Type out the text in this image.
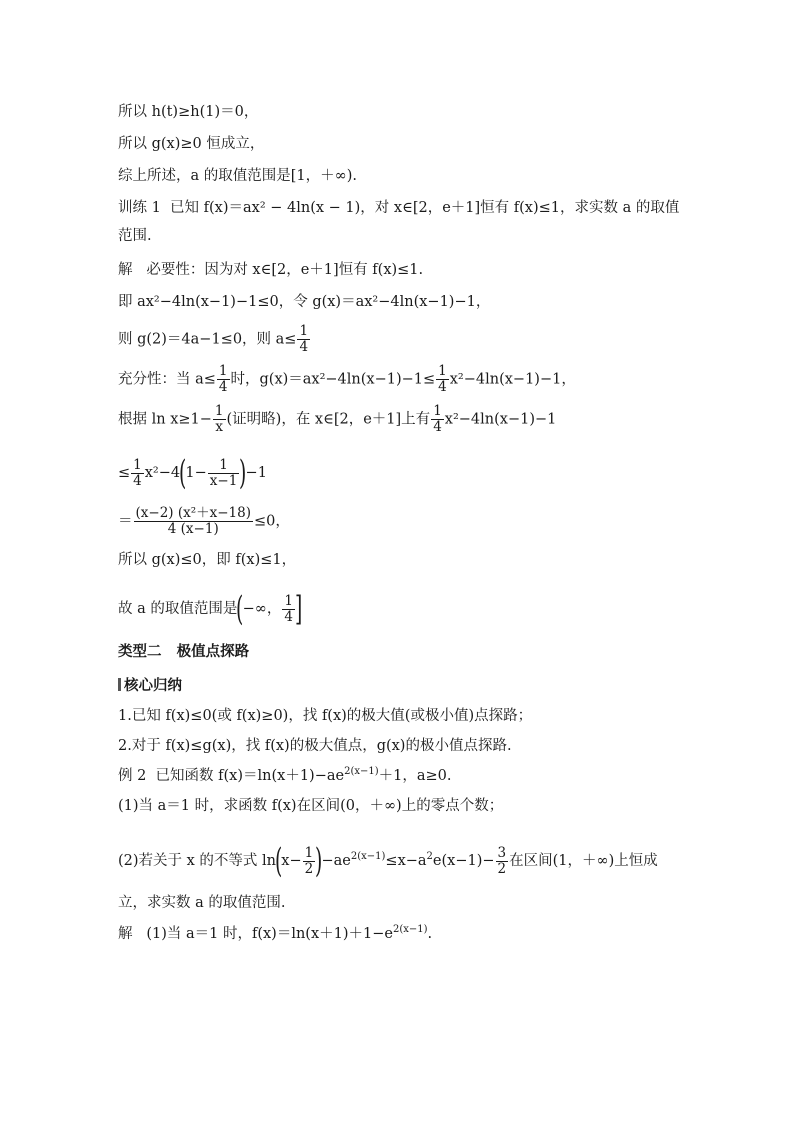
所以 h(t)≥h(1)＝0，
所以 g(x)≥0 恒成立，
综上所述，a 的取值范围是[1，＋∞).
训练 1  已知 f(x)＝ax² − 4ln(x − 1)，对 x∈[2，e＋1]恒有 f(x)≤1，求实数 a 的取值
范围.
解   必要性：因为对 x∈[2，e＋1]恒有 f(x)≤1.
即 ax²−4ln(x−1)−1≤0，令 g(x)＝ax²−4ln(x−1)−1，
则 g(2)＝4a−1≤0，则 $a\le \frac{1}{4}$
充分性：当 $a\le \frac{1}{4}$ 时，$g(x)=ax^2-4\ln(x-1)-1\le \frac{1}{4} x^2-4\ln(x-1)-1$，
根据 $\ln x\ge 1- \frac{1}{x}$ (证明略)，在 x∈[2，e＋1]上有 $\frac{1}{4} x^2-4\ln(x-1)-1$
≤ $\frac{1}{4} x^2-4(1- \frac{1}{x-1} )-1$
＝ $\frac{\text{(x−2) (x²＋x−18)}}{4 (x-1)} \le 0$，
所以 g(x)≤0，即 f(x)≤1，
故 a 的取值范围是(−∞， $\frac{1}{4}$ ]
类型二   极值点探路
核心归纳
1.已知 f(x)≤0(或 f(x)≥0)，找 f(x)的极大值(或极小值)点探路；
2.对于 f(x)≤g(x)，找 f(x)的极大值点，g(x)的极小值点探路.
例 2  已知函数 $f(x)=\ln(x+1)-ae^{2(x-1)}+1$，a≥0.
(1)当 a＝1 时，求函数 f(x)在区间(0，＋∞)上的零点个数；
(2)若关于 x 的不等式 $\ln(x- \frac{1}{2} )-ae^{2(x-1)}\le x-a^2e(x-1)- \frac{3}{2}$ 在区间(1，＋∞)上恒成
立，求实数 a 的取值范围.
解   (1)当 a＝1 时，$f(x)=\ln(x+1)+1-e^{2(x-1)}$.
